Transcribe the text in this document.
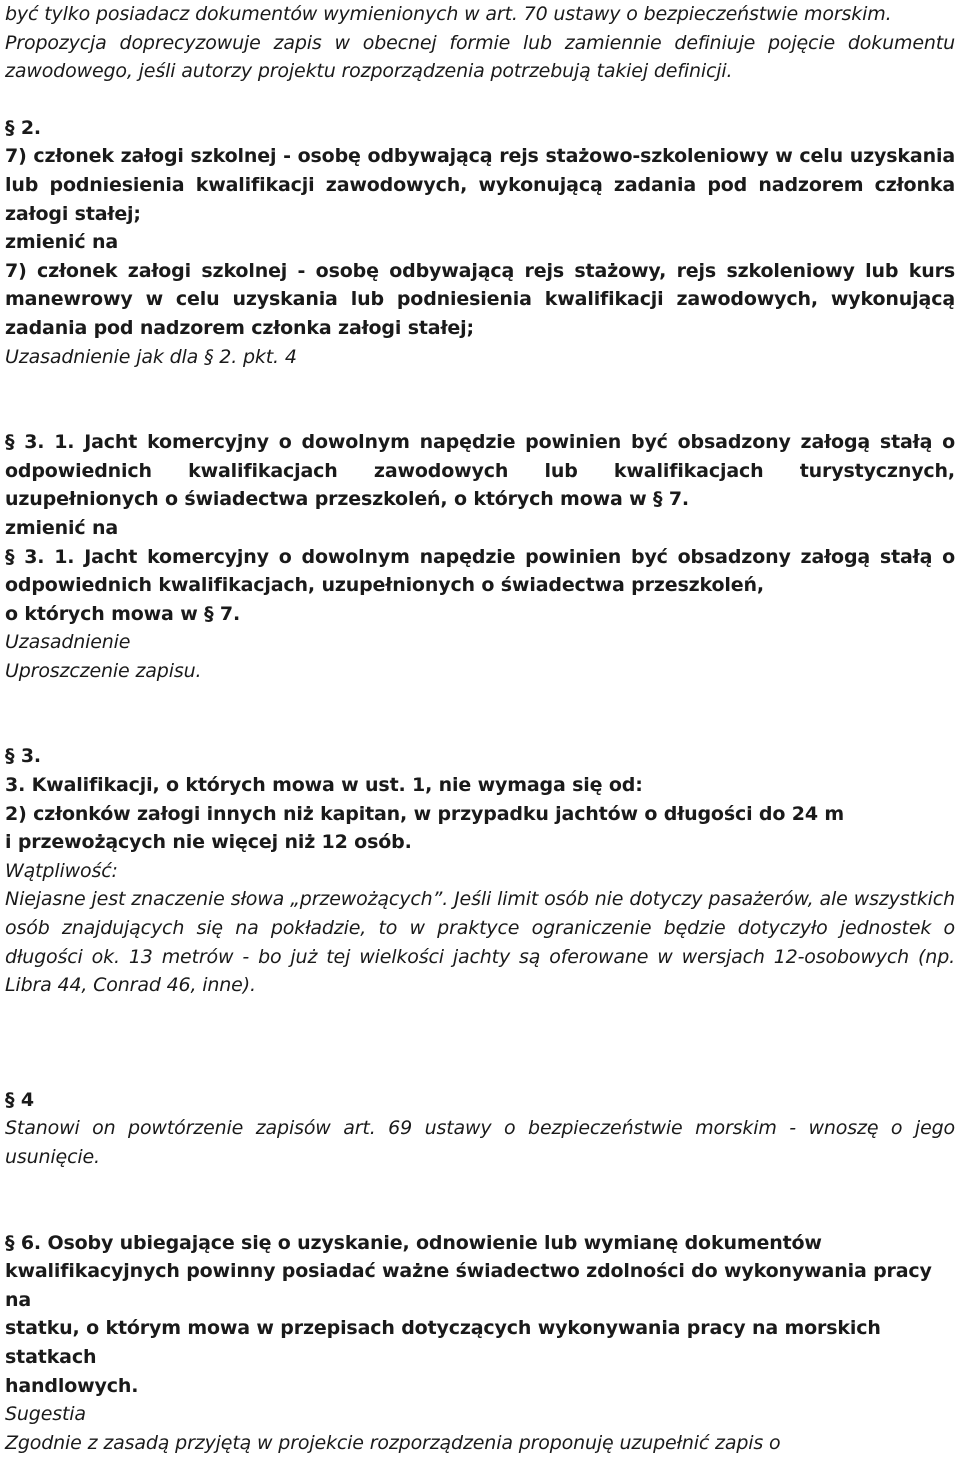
być tylko posiadacz dokumentów wymienionych w art. 70 ustawy o bezpieczeństwie morskim.

Propozycja doprecyzowuje zapis w obecnej formie lub zamiennie definiuje pojęcie dokumentu zawodowego, jeśli autorzy projektu rozporządzenia potrzebują takiej definicji.

§ 2.

7) członek załogi szkolnej - osobę odbywającą rejs stażowo-szkoleniowy w celu uzyskania lub podniesienia kwalifikacji zawodowych, wykonującą zadania pod nadzorem członka załogi stałej;

zmienić na

7) członek załogi szkolnej - osobę odbywającą rejs stażowy, rejs szkoleniowy lub kurs manewrowy w celu uzyskania lub podniesienia kwalifikacji zawodowych, wykonującą zadania pod nadzorem członka załogi stałej;

Uzasadnienie jak dla § 2. pkt. 4

§ 3. 1. Jacht komercyjny o dowolnym napędzie powinien być obsadzony załogą stałą o odpowiednich kwalifikacjach zawodowych lub kwalifikacjach turystycznych, uzupełnionych o świadectwa przeszkoleń, o których mowa w § 7.

zmienić na

§ 3. 1. Jacht komercyjny o dowolnym napędzie powinien być obsadzony załogą stałą o odpowiednich kwalifikacjach, uzupełnionych o świadectwa przeszkoleń,

o których mowa w § 7.

Uzasadnienie

Uproszczenie zapisu.

§ 3.

3. Kwalifikacji, o których mowa w ust. 1, nie wymaga się od:

2) członków załogi innych niż kapitan, w przypadku jachtów o długości do 24 m

i przewożących nie więcej niż 12 osób.

Wątpliwość:

Niejasne jest znaczenie słowa „przewożących”. Jeśli limit osób nie dotyczy pasażerów, ale wszystkich osób znajdujących się na pokładzie, to w praktyce ograniczenie będzie dotyczyło jednostek o długości ok. 13 metrów - bo już tej wielkości jachty są oferowane w wersjach 12-osobowych (np. Libra 44, Conrad 46, inne).

§ 4

Stanowi on powtórzenie zapisów art. 69 ustawy o bezpieczeństwie morskim - wnoszę o jego usunięcie.

§ 6. Osoby ubiegające się o uzyskanie, odnowienie lub wymianę dokumentów

kwalifikacyjnych powinny posiadać ważne świadectwo zdolności do wykonywania pracy na

statku, o którym mowa w przepisach dotyczących wykonywania pracy na morskich statkach

handlowych.

Sugestia

Zgodnie z zasadą przyjętą w projekcie rozporządzenia proponuję uzupełnić zapis o
